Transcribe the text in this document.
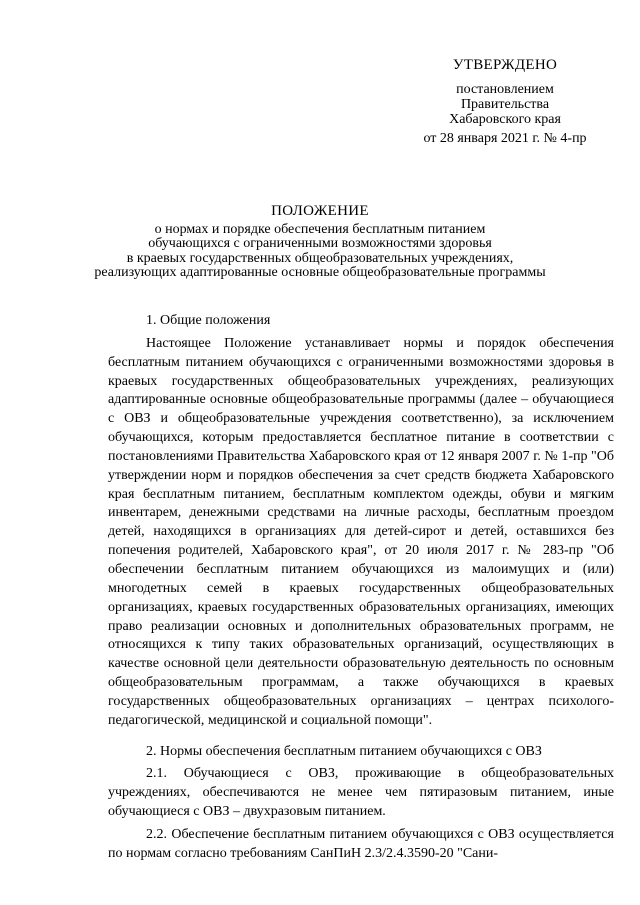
УТВЕРЖДЕНО
постановлением
Правительства
Хабаровского края
от 28 января 2021 г. № 4-пр
ПОЛОЖЕНИЕ
о нормах и порядке обеспечения бесплатным питанием
обучающихся с ограниченными возможностями здоровья
в краевых государственных общеобразовательных учреждениях,
реализующих адаптированные основные общеобразовательные программы
1. Общие положения

Настоящее Положение устанавливает нормы и порядок обеспечения бесплатным питанием обучающихся с ограниченными возможностями здоровья в краевых государственных общеобразовательных учреждениях, реализующих адаптированные основные общеобразовательные программы (далее – обучающиеся с ОВЗ и общеобразовательные учреждения соответственно), за исключением обучающихся, которым предоставляется бесплатное питание в соответствии с постановлениями Правительства Хабаровского края от 12 января 2007 г. № 1-пр "Об утверждении норм и порядков обеспечения за счет средств бюджета Хабаровского края бесплатным питанием, бесплатным комплектом одежды, обуви и мягким инвентарем, денежными средствами на личные расходы, бесплатным проездом детей, находящихся в организациях для детей-сирот и детей, оставшихся без попечения родителей, Хабаровского края", от 20 июля 2017 г. № 283-пр "Об обеспечении бесплатным питанием обучающихся из малоимущих и (или) многодетных семей в краевых государственных общеобразовательных организациях, краевых государственных образовательных организациях, имеющих право реализации основных и дополнительных образовательных программ, не относящихся к типу таких образовательных организаций, осуществляющих в качестве основной цели деятельности образовательную деятельность по основным общеобразовательным программам, а также обучающихся в краевых государственных общеобразовательных организациях – центрах психолого-педагогической, медицинской и социальной помощи".

2. Нормы обеспечения бесплатным питанием обучающихся с ОВЗ

2.1. Обучающиеся с ОВЗ, проживающие в общеобразовательных учреждениях, обеспечиваются не менее чем пятиразовым питанием, иные обучающиеся с ОВЗ – двухразовым питанием.

2.2. Обеспечение бесплатным питанием обучающихся с ОВЗ осуществляется по нормам согласно требованиям СанПиН 2.3/2.4.3590-20 "Сани-
